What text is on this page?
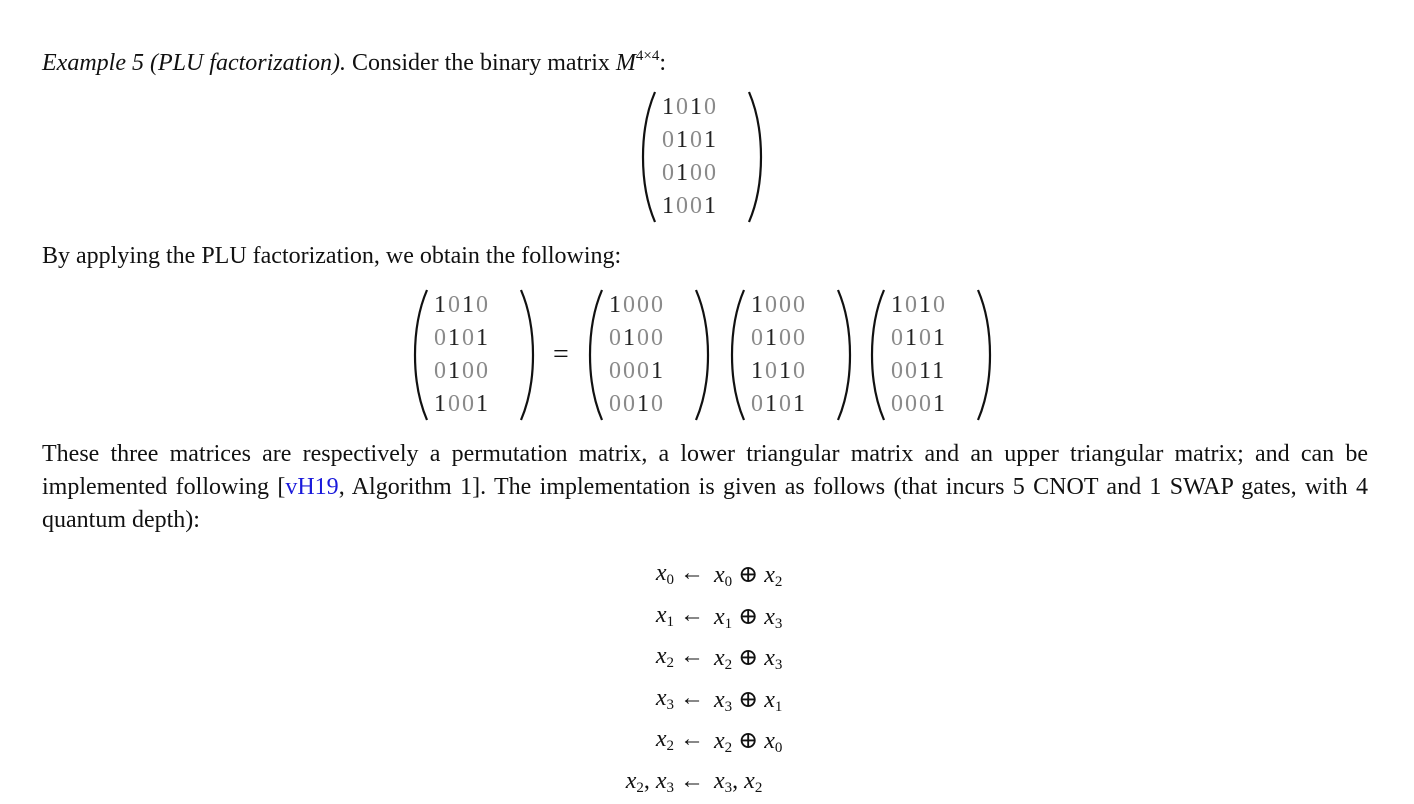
Example 5 (PLU factorization). Consider the binary matrix $M^{4\times 4}$:
1010
0101
0100
1001
By applying the PLU factorization, we obtain the following:
1010
0101
0100
1001
=
1000
0100
0001
0010
1000
0100
1010
0101
1010
0101
0011
0001
These three matrices are respectively a permutation matrix, a lower triangular matrix and an upper triangular matrix; and can be implemented following [vH19, Algorithm 1]. The implementation is given as follows (that incurs 5 CNOT and 1 SWAP gates, with 4 quantum depth):
$x_0$ ← $x_0$ ⊕ $x_2$
$x_1$ ← $x_1$ ⊕ $x_3$
$x_2$ ← $x_2$ ⊕ $x_3$
$x_3$ ← $x_3$ ⊕ $x_1$
$x_2$ ← $x_2$ ⊕ $x_0$
$x_2$, $x_3$ ← $x_3$, $x_2$
